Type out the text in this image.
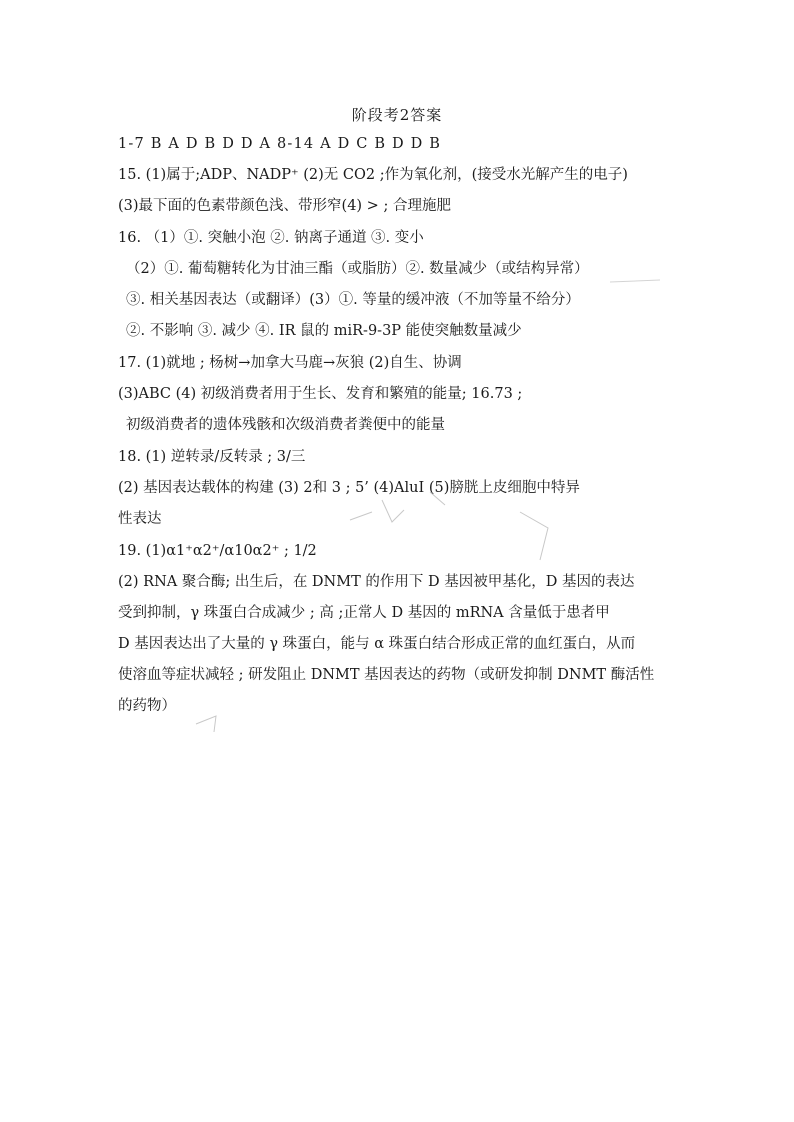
阶段考2答案
1-7 B A D B D D A 8-14 A D C B D D B
15. (1)属于;ADP、NADP⁺ (2)无 CO2 ;作为氧化剂，(接受水光解产生的电子)
(3)最下面的色素带颜色浅、带形窄(4) > ; 合理施肥
16. （1）①. 突触小泡 ②. 钠离子通道 ③. 变小
（2）①. 葡萄糖转化为甘油三酯（或脂肪）②. 数量减少（或结构异常）
③. 相关基因表达（或翻译）(3）①. 等量的缓冲液（不加等量不给分）
②. 不影响 ③. 减少 ④. IR 鼠的 miR-9-3P 能使突触数量减少
17. (1)就地 ; 杨树→加拿大马鹿→灰狼 (2)自生、协调
(3)ABC (4) 初级消费者用于生长、发育和繁殖的能量; 16.73 ;
初级消费者的遗体残骸和次级消费者粪便中的能量
18. (1) 逆转录/反转录 ; 3/三
(2) 基因表达载体的构建 (3) 2和 3 ; 5’ (4)AluI (5)膀胱上皮细胞中特异
性表达
19. (1)α1⁺α2⁺/α10α2⁺ ; 1/2
(2) RNA 聚合酶; 出生后，在 DNMT 的作用下 D 基因被甲基化，D 基因的表达
受到抑制，γ 珠蛋白合成减少 ; 高 ;正常人 D 基因的 mRNA 含量低于患者甲
D 基因表达出了大量的 γ 珠蛋白，能与 α 珠蛋白结合形成正常的血红蛋白，从而
使溶血等症状减轻 ; 研发阻止 DNMT 基因表达的药物（或研发抑制 DNMT 酶活性
的药物）
